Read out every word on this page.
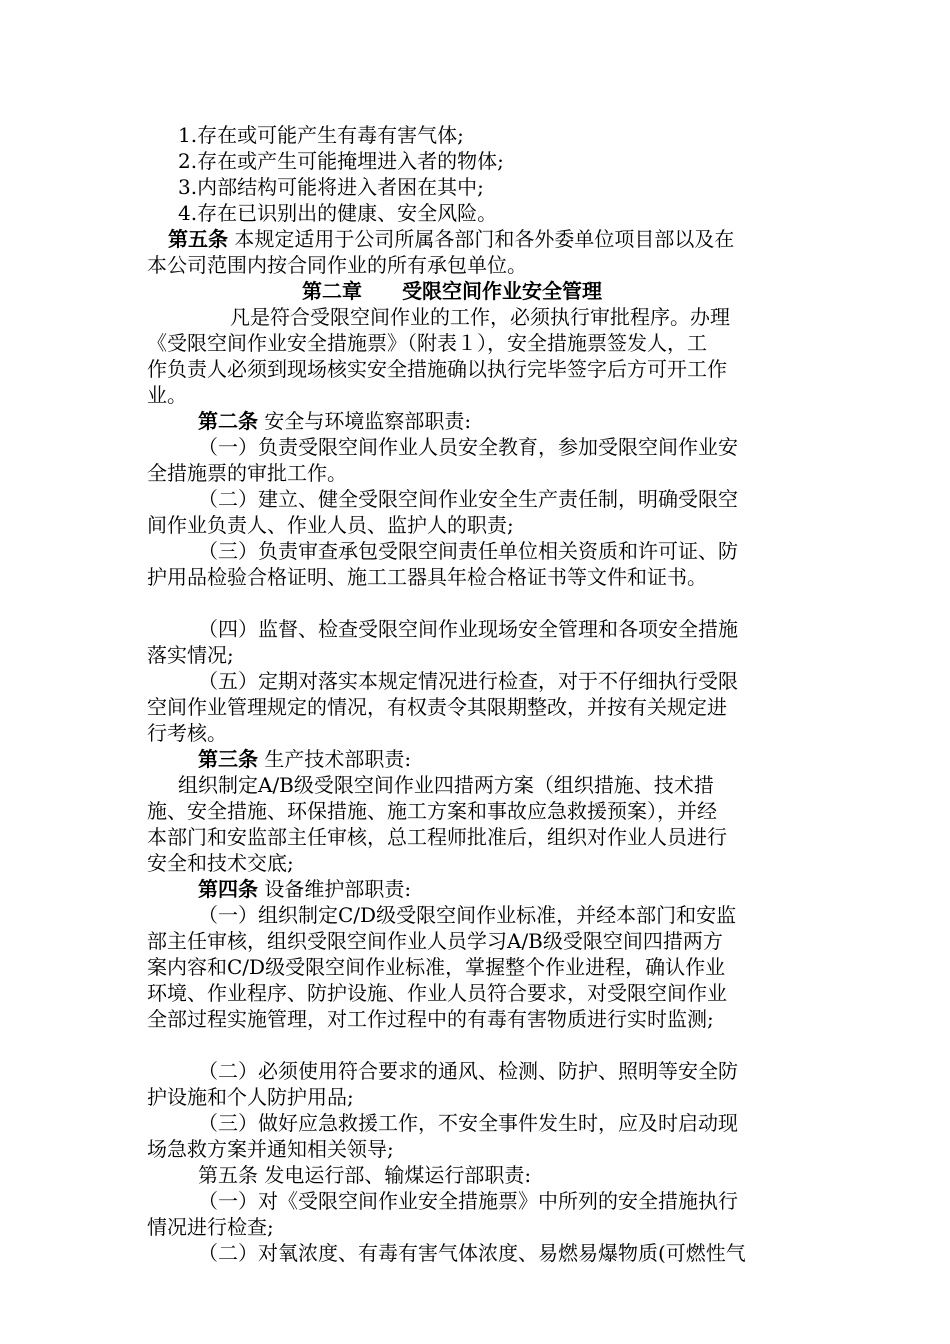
1.存在或可能产生有毒有害气体;
2.存在或产生可能掩埋进入者的物体;
3.内部结构可能将进入者困在其中;
4.存在已识别出的健康、安全风险。
第五条 本规定适用于公司所属各部门和各外委单位项目部以及在
本公司范围内按合同作业的所有承包单位。
第二章　　受限空间作业安全管理
凡是符合受限空间作业的工作，必须执行审批程序。办理
《受限空间作业安全措施票》（附表１），安全措施票签发人，工
作负责人必须到现场核实安全措施确以执行完毕签字后方可开工作
业。
第二条 安全与环境监察部职责:
（一）负责受限空间作业人员安全教育，参加受限空间作业安
全措施票的审批工作。
（二）建立、健全受限空间作业安全生产责任制，明确受限空
间作业负责人、作业人员、监护人的职责;
（三）负责审查承包受限空间责任单位相关资质和许可证、防
护用品检验合格证明、施工工器具年检合格证书等文件和证书。
（四）监督、检查受限空间作业现场安全管理和各项安全措施
落实情况;
（五）定期对落实本规定情况进行检查，对于不仔细执行受限
空间作业管理规定的情况，有权责令其限期整改，并按有关规定进
行考核。
第三条 生产技术部职责:
组织制定A/B级受限空间作业四措两方案（组织措施、技术措
施、安全措施、环保措施、施工方案和事故应急救援预案），并经
本部门和安监部主任审核，总工程师批准后，组织对作业人员进行
安全和技术交底;
第四条 设备维护部职责:
（一）组织制定C/D级受限空间作业标准，并经本部门和安监
部主任审核，组织受限空间作业人员学习A/B级受限空间四措两方
案内容和C/D级受限空间作业标准，掌握整个作业进程，确认作业
环境、作业程序、防护设施、作业人员符合要求，对受限空间作业
全部过程实施管理，对工作过程中的有毒有害物质进行实时监测;
（二）必须使用符合要求的通风、检测、防护、照明等安全防
护设施和个人防护用品;
（三）做好应急救援工作，不安全事件发生时，应及时启动现
场急救方案并通知相关领导;
第五条 发电运行部、输煤运行部职责:
（一）对《受限空间作业安全措施票》中所列的安全措施执行
情况进行检查;
（二）对氧浓度、有毒有害气体浓度、易燃易爆物质(可燃性气
